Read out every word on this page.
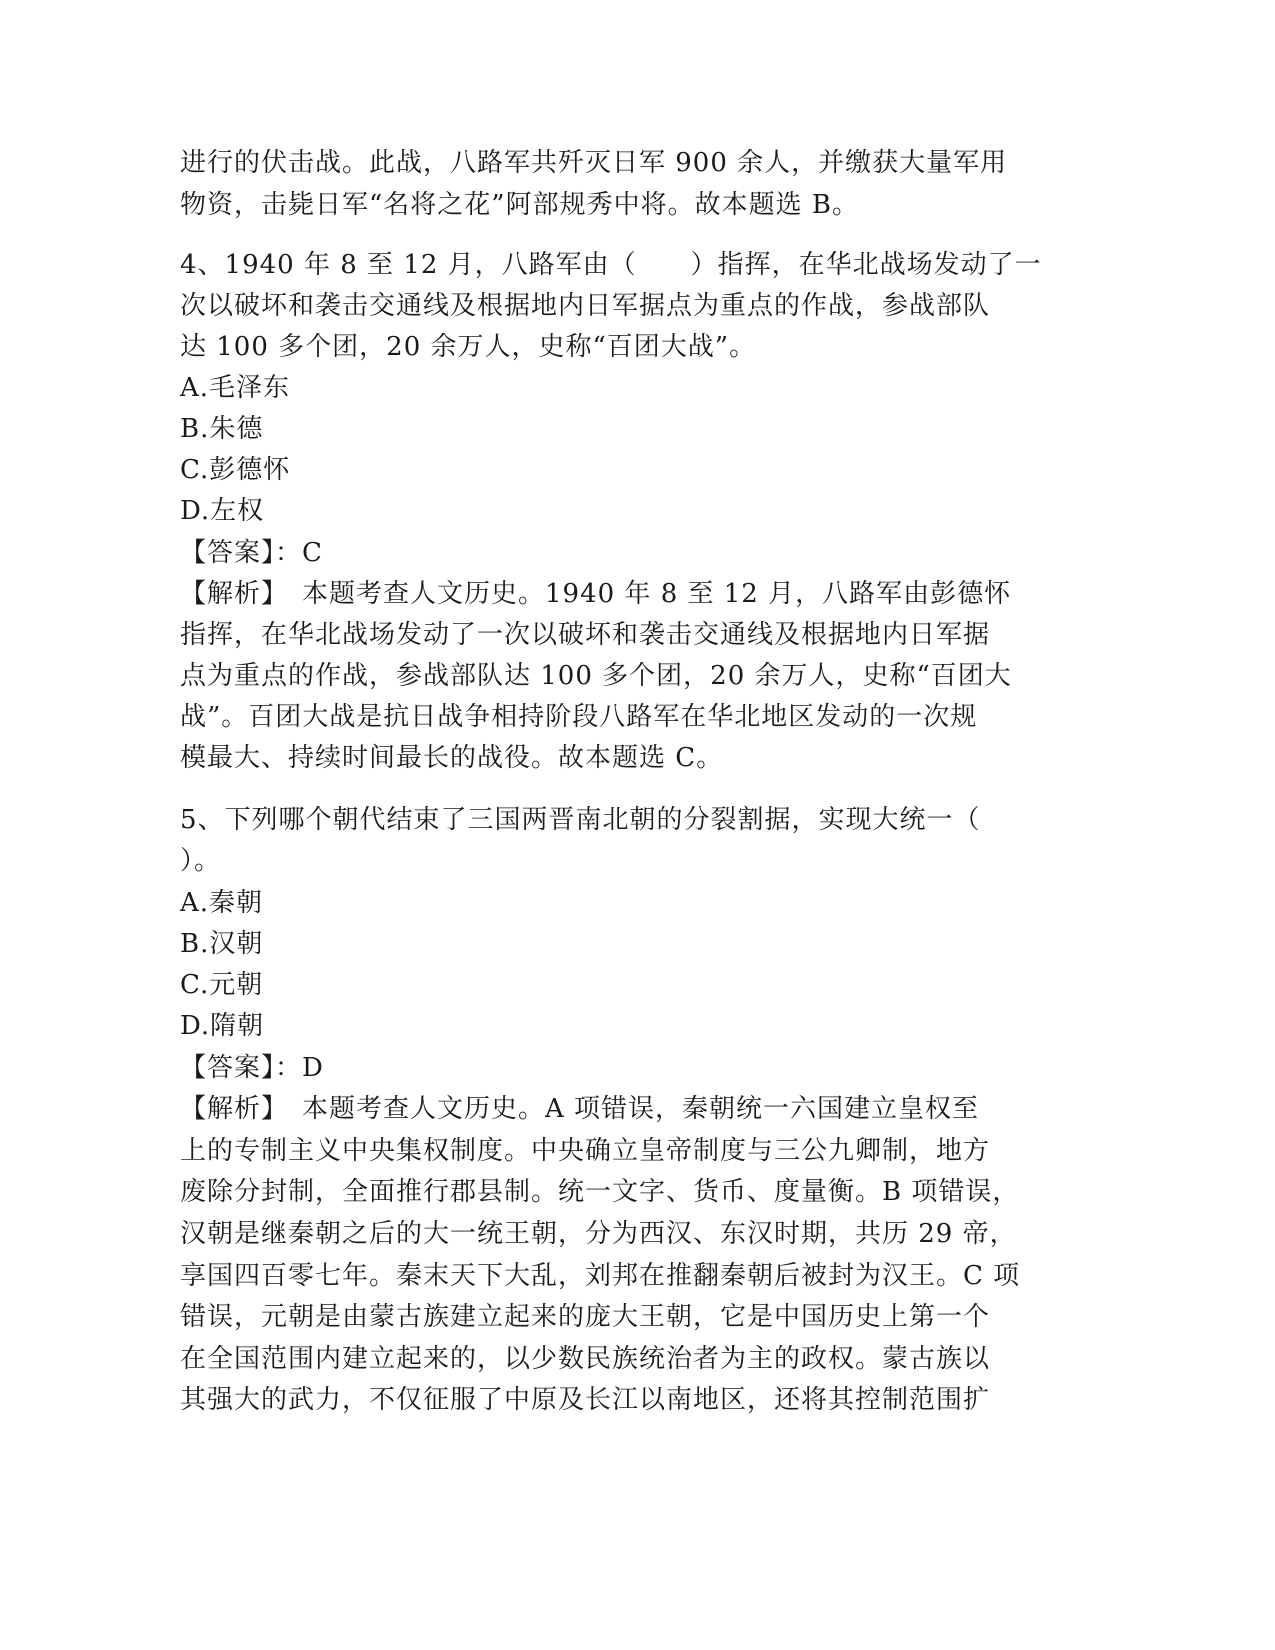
进行的伏击战。此战，八路军共歼灭日军 900 余人，并缴获大量军用
物资，击毙日军“名将之花”阿部规秀中将。故本题选 B。
4、1940 年 8 至 12 月，八路军由（　　）指挥，在华北战场发动了一
次以破坏和袭击交通线及根据地内日军据点为重点的作战，参战部队
达 100 多个团，20 余万人，史称“百团大战”。
A.毛泽东
B.朱德
C.彭德怀
D.左权
【答案】：C
【解析】　本题考查人文历史。1940 年 8 至 12 月，八路军由彭德怀
指挥，在华北战场发动了一次以破坏和袭击交通线及根据地内日军据
点为重点的作战，参战部队达 100 多个团，20 余万人，史称“百团大
战”。百团大战是抗日战争相持阶段八路军在华北地区发动的一次规
模最大、持续时间最长的战役。故本题选 C。
5、下列哪个朝代结束了三国两晋南北朝的分裂割据，实现大统一（
）。
A.秦朝
B.汉朝
C.元朝
D.隋朝
【答案】：D
【解析】　本题考查人文历史。A 项错误，秦朝统一六国建立皇权至
上的专制主义中央集权制度。中央确立皇帝制度与三公九卿制，地方
废除分封制，全面推行郡县制。统一文字、货币、度量衡。B 项错误，
汉朝是继秦朝之后的大一统王朝，分为西汉、东汉时期，共历 29 帝，
享国四百零七年。秦末天下大乱，刘邦在推翻秦朝后被封为汉王。C 项
错误，元朝是由蒙古族建立起来的庞大王朝，它是中国历史上第一个
在全国范围内建立起来的，以少数民族统治者为主的政权。蒙古族以
其强大的武力，不仅征服了中原及长江以南地区，还将其控制范围扩
